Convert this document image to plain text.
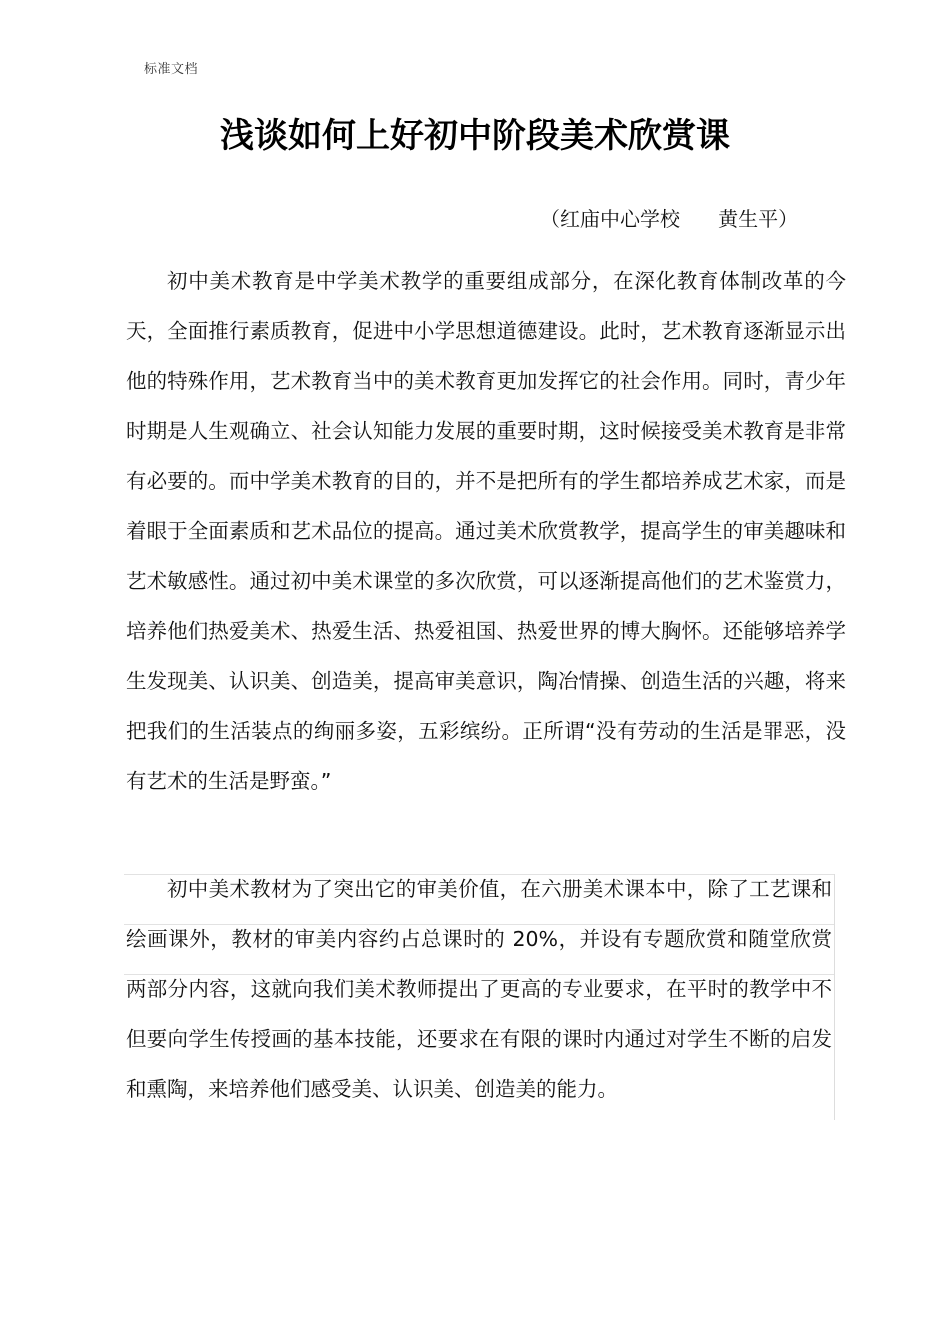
标准文档
浅谈如何上好初中阶段美术欣赏课
（红庙中心学校      黄生平）

初中美术教育是中学美术教学的重要组成部分，在深化教育体制改革的今天，全面推行素质教育，促进中小学思想道德建设。此时，艺术教育逐渐显示出他的特殊作用，艺术教育当中的美术教育更加发挥它的社会作用。同时，青少年时期是人生观确立、社会认知能力发展的重要时期，这时候接受美术教育是非常有必要的。而中学美术教育的目的，并不是把所有的学生都培养成艺术家，而是着眼于全面素质和艺术品位的提高。通过美术欣赏教学，提高学生的审美趣味和艺术敏感性。通过初中美术课堂的多次欣赏，可以逐渐提高他们的艺术鉴赏力，培养他们热爱美术、热爱生活、热爱祖国、热爱世界的博大胸怀。还能够培养学生发现美、认识美、创造美，提高审美意识，陶冶情操、创造生活的兴趣，将来把我们的生活装点的绚丽多姿，五彩缤纷。正所谓“没有劳动的生活是罪恶，没有艺术的生活是野蛮。”

初中美术教材为了突出它的审美价值，在六册美术课本中，除了工艺课和绘画课外，教材的审美内容约占总课时的 20%，并设有专题欣赏和随堂欣赏两部分内容，这就向我们美术教师提出了更高的专业要求，在平时的教学中不但要向学生传授画的基本技能，还要求在有限的课时内通过对学生不断的启发和熏陶，来培养他们感受美、认识美、创造美的能力。
